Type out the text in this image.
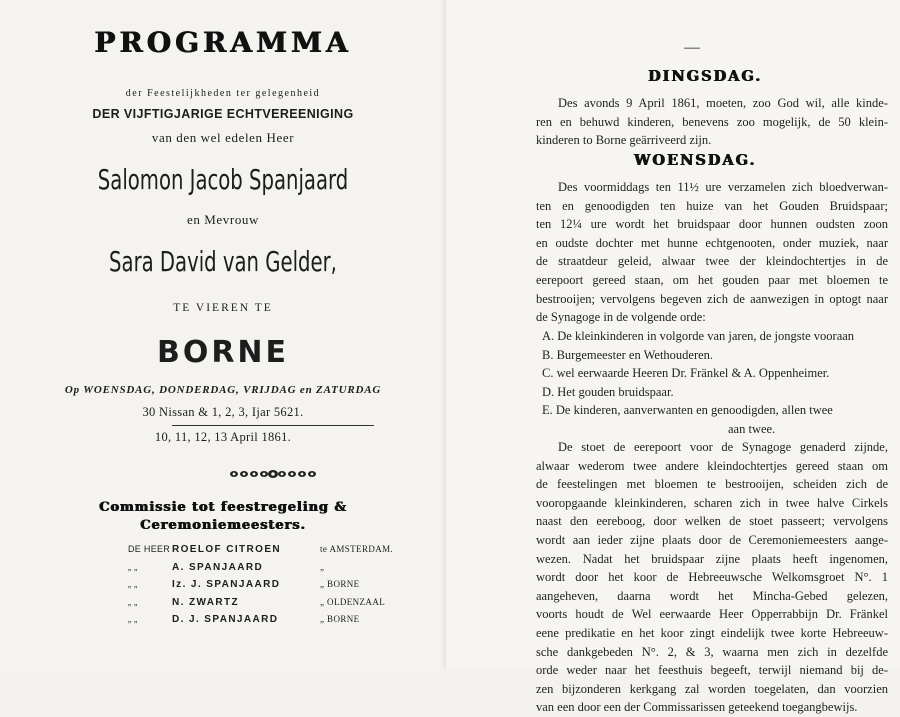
PROGRAMMA
der Feestelijkheden ter gelegenheid
DER VIJFTIGJARIGE ECHTVEREENIGING
van den wel edelen Heer
Salomon Jacob Spanjaard
en Mevrouw
Sara David van Gelder,
TE VIEREN TE
BORNE
Op WOENSDAG, DONDERDAG, VRIJDAG en ZATURDAG
30 Nissan & 1, 2, 3, Ijar 5621.
10, 11, 12, 13 April 1861.
Commissie tot feestregeling &
Ceremoniemeesters.
DE HEER ROELOF CITROEN	te AMSTERDAM.
„ „	A. SPANJAARD	„
„ „	Iz. J. SPANJAARD	„ BORNE
„ „	N. ZWARTZ	„ OLDENZAAL
„ „	D. J. SPANJAARD	„ BORNE
—
DINGSDAG.
Des avonds 9 April 1861, moeten, zoo God wil, alle kinde-
ren en behuwd kinderen, benevens zoo mogelijk, de 50 klein-
kinderen to Borne geärriveerd zijn.
WOENSDAG.
Des voormiddags ten 11½ ure verzamelen zich bloedverwan-
ten en genoodigden ten huize van het Gouden Bruidspaar;
ten 12¼ ure wordt het bruidspaar door hunnen oudsten zoon
en oudste dochter met hunne echtgenooten, onder muziek, naar
de straatdeur geleid, alwaar twee der kleindochtertjes in de
eerepoort gereed staan, om het gouden paar met bloemen te
bestrooijen; vervolgens begeven zich de aanwezigen in optogt naar
de Synagoge in de volgende orde:
A. De kleinkinderen in volgorde van jaren, de jongste vooraan
B. Burgemeester en Wethouderen.
C. wel eerwaarde Heeren Dr. Fränkel & A. Oppenheimer.
D. Het gouden bruidspaar.
E. De kinderen, aanverwanten en genoodigden, allen twee
aan twee.
De stoet de eerepoort voor de Synagoge genaderd zijnde,
alwaar wederom twee andere kleindochtertjes gereed staan om
de feestelingen met bloemen te bestrooijen, scheiden zich de
vooropgaande kleinkinderen, scharen zich in twee halve Cirkels
naast den eereboog, door welken de stoet passeert; vervolgens
wordt aan ieder zijne plaats door de Ceremoniemeesters aange-
wezen. Nadat het bruidspaar zijne plaats heeft ingenomen,
wordt door het koor de Hebreeuwsche Welkomsgroet N°. 1
aangeheven, daarna wordt het Mincha-Gebed gelezen,
voorts houdt de Wel eerwaarde Heer Opperrabbijn Dr. Fränkel
eene predikatie en het koor zingt eindelijk twee korte Hebreeuw-
sche dankgebeden N°. 2, & 3, waarna men zich in dezelfde
orde weder naar het feesthuis begeeft, terwijl niemand bij de-
zen bijzonderen kerkgang zal worden toegelaten, dan voorzien
van een door een der Commissarissen geteekend toegangbewijs.
